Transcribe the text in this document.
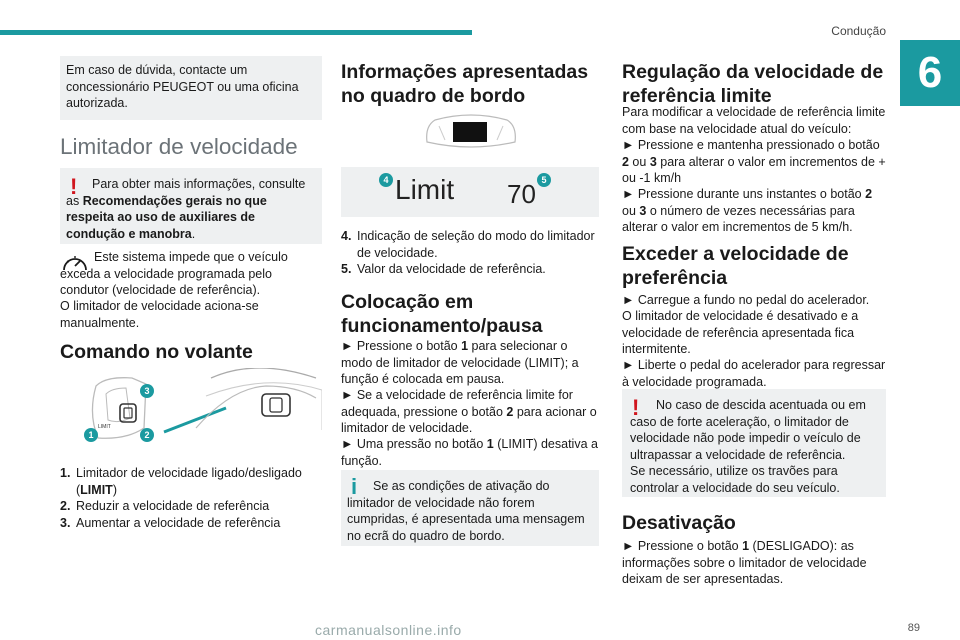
Condução
6
Em caso de dúvida, contacte um concessionário PEUGEOT ou uma oficina autorizada.
Limitador de velocidade
!	Para obter mais informações, consulte as Recomendações gerais no que respeita ao uso de auxiliares de condução e manobra.
Este sistema impede que o veículo exceda a velocidade programada pelo condutor (velocidade de referência).
O limitador de velocidade aciona-se manualmente.
Comando no volante
LIMIT
1	2
3
1. Limitador de velocidade ligado/desligado (LIMIT)
2. Reduzir a velocidade de referência
3. Aumentar a velocidade de referência
Informações apresentadas no quadro de bordo
4 Limit 70 5
4. Indicação de seleção do modo do limitador de velocidade.
5. Valor da velocidade de referência.
Colocação em funcionamento/pausa
► Pressione o botão 1 para selecionar o modo de limitador de velocidade (LIMIT); a função é colocada em pausa.
► Se a velocidade de referência limite for adequada, pressione o botão 2 para acionar o limitador de velocidade.
► Uma pressão no botão 1 (LIMIT) desativa a função.
i	Se as condições de ativação do limitador de velocidade não forem cumpridas, é apresentada uma mensagem no ecrã do quadro de bordo.
Regulação da velocidade de referência limite
Para modificar a velocidade de referência limite com base na velocidade atual do veículo:
► Pressione e mantenha pressionado o botão 2 ou 3 para alterar o valor em incrementos de + ou -1 km/h
► Pressione durante uns instantes o botão 2 ou 3 o número de vezes necessárias para alterar o valor em incrementos de 5 km/h.
Exceder a velocidade de preferência
► Carregue a fundo no pedal do acelerador.
O limitador de velocidade é desativado e a velocidade de referência apresentada fica intermitente.
► Liberte o pedal do acelerador para regressar à velocidade programada.
!	No caso de descida acentuada ou em caso de forte aceleração, o limitador de velocidade não pode impedir o veículo de ultrapassar a velocidade de referência.
Se necessário, utilize os travões para controlar a velocidade do seu veículo.
Desativação
► Pressione o botão 1 (DESLIGADO): as informações sobre o limitador de velocidade deixam de ser apresentadas.
89
carmanualsonline.info
